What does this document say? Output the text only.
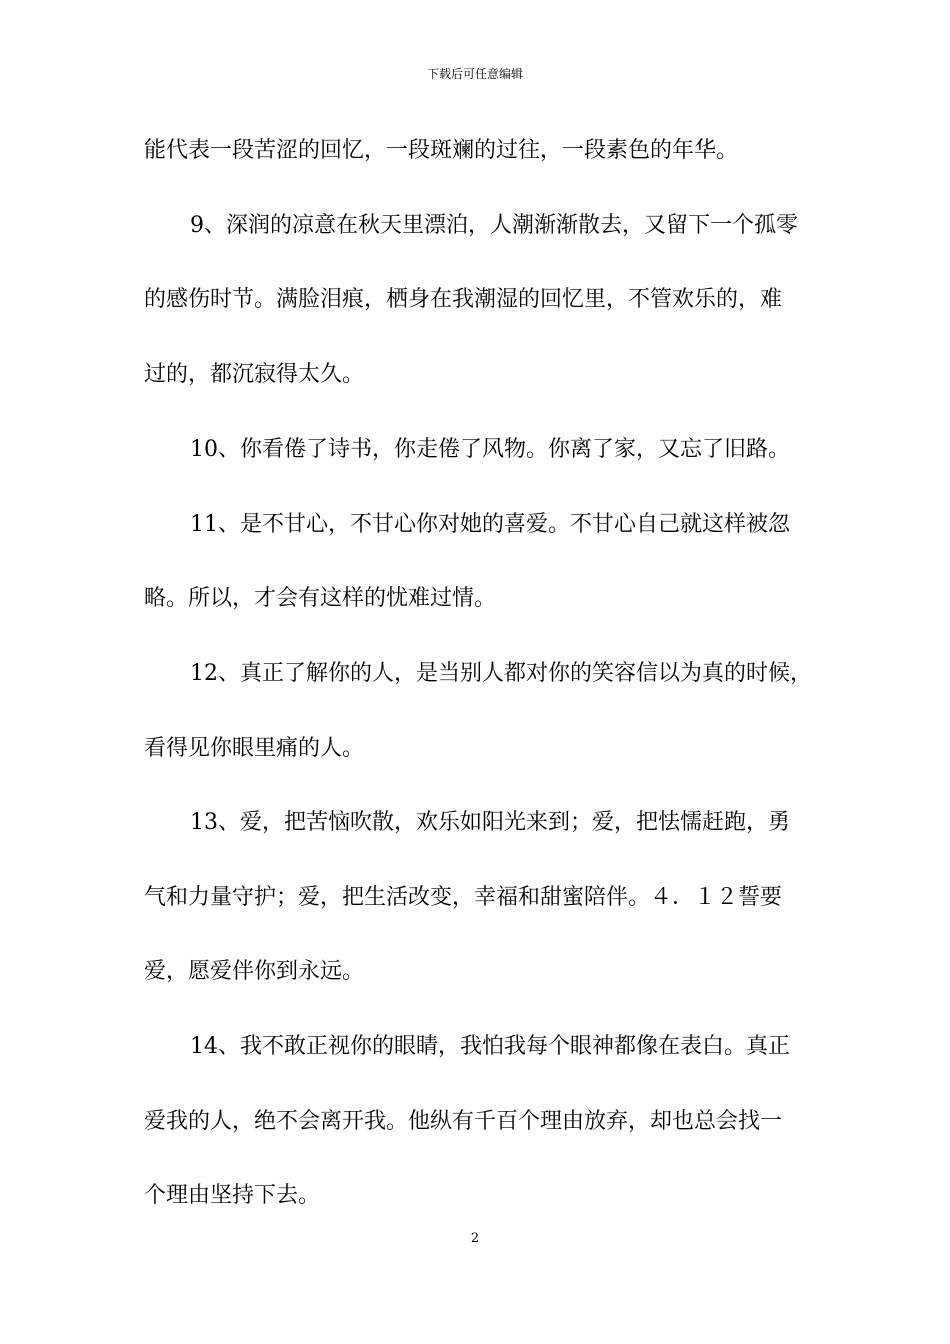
下载后可任意编辑
能代表一段苦涩的回忆，一段斑斓的过往，一段素色的年华。
9、深润的凉意在秋天里漂泊，人潮渐渐散去，又留下一个孤零
的感伤时节。满脸泪痕，栖身在我潮湿的回忆里，不管欢乐的，难
过的，都沉寂得太久。
10、你看倦了诗书，你走倦了风物。你离了家，又忘了旧路。
11、是不甘心，不甘心你对她的喜爱。不甘心自己就这样被忽
略。所以，才会有这样的忧难过情。
12、真正了解你的人，是当别人都对你的笑容信以为真的时候，
看得见你眼里痛的人。
13、爱，把苦恼吹散，欢乐如阳光来到；爱，把怯懦赶跑，勇
气和力量守护；爱，把生活改变，幸福和甜蜜陪伴。４．１２誓要
爱，愿爱伴你到永远。
14、我不敢正视你的眼睛，我怕我每个眼神都像在表白。真正
爱我的人，绝不会离开我。他纵有千百个理由放弃，却也总会找一
个理由坚持下去。
2
